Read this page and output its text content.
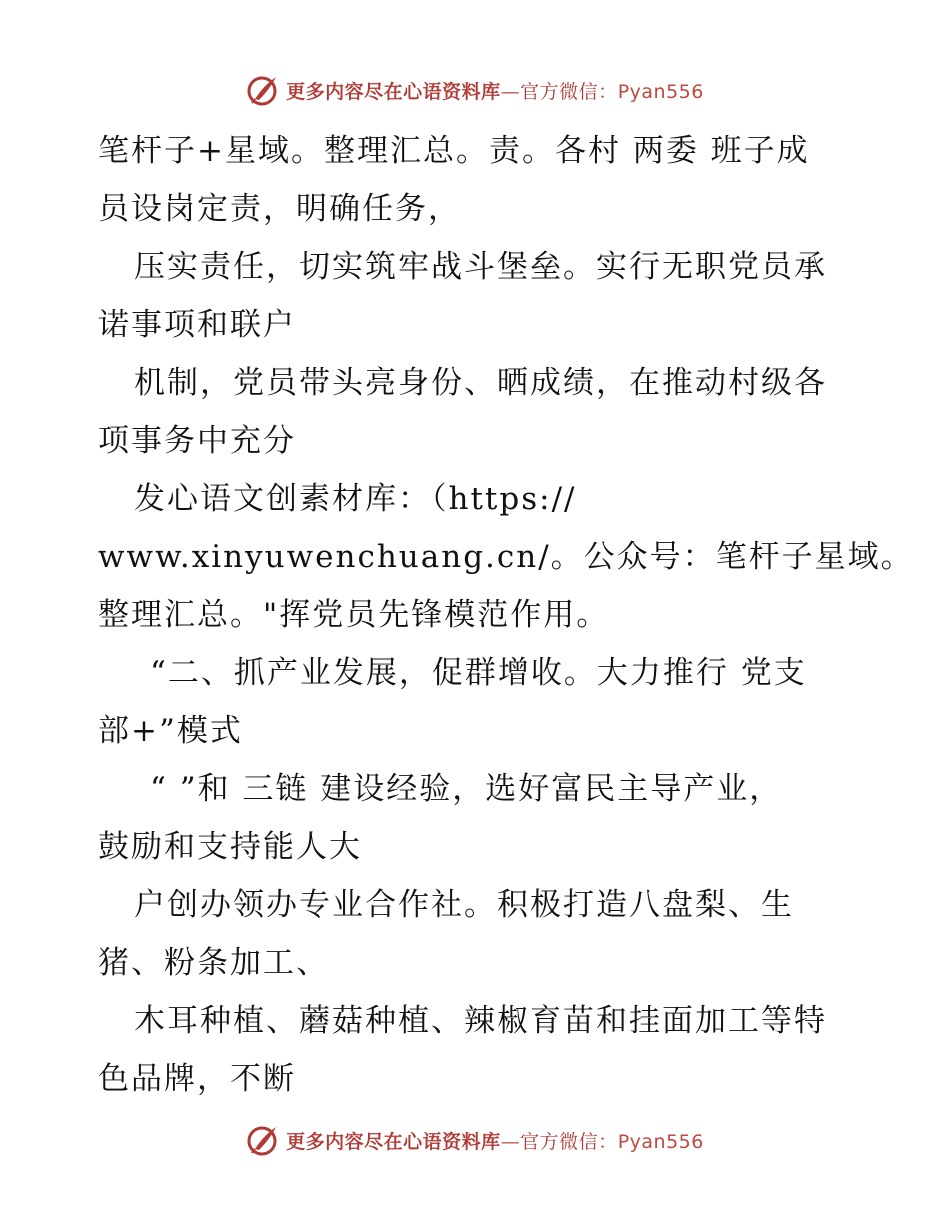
更多内容尽在心语资料库—官方微信：Pyan556
笔杆子+星域。整理汇总。责。各村 两委 班子成
员设岗定责，明确任务，
压实责任，切实筑牢战斗堡垒。实行无职党员承
诺事项和联户
机制，党员带头亮身份、晒成绩，在推动村级各
项事务中充分
发心语文创素材库：（https://
www.xinyuwenchuang.cn/。公众号：笔杆子星域。
整理汇总。"挥党员先锋模范作用。
“二、抓产业发展，促群增收。大力推行 党支
部+”模式
“ ”和 三链 建设经验，选好富民主导产业，
鼓励和支持能人大
户创办领办专业合作社。积极打造八盘梨、生
猪、粉条加工、
木耳种植、蘑菇种植、辣椒育苗和挂面加工等特
色品牌，不断
更多内容尽在心语资料库—官方微信：Pyan556
